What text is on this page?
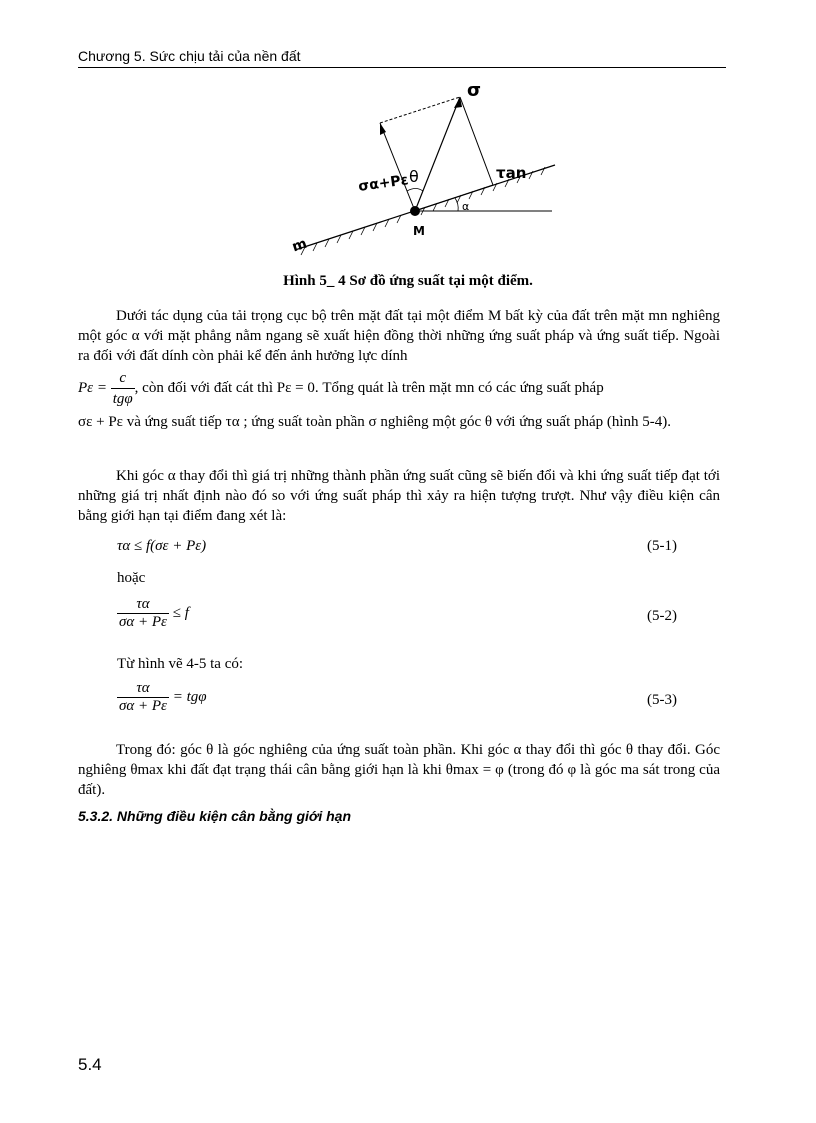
Chương 5. Sức chịu tải của nền đất
σ
σα+Pε θ	τan
α
M
m
Hình 5_ 4 Sơ đồ ứng suất tại một điểm.
Dưới tác dụng của tải trọng cục bộ trên mặt đất tại một điểm M bất kỳ của đất trên mặt mn nghiêng một góc α với mặt phẳng nằm ngang sẽ xuất hiện đồng thời những ứng suất pháp và ứng suất tiếp. Ngoài ra đối với đất dính còn phải kể đến ảnh hưởng lực dính
$P\varepsilon = \frac{c}{\text{tgφ}}$ , còn đối với đất cát thì Pε = 0. Tổng quát là trên mặt mn có các ứng suất pháp
σε + Pε và ứng suất tiếp τα ; ứng suất toàn phần σ nghiêng một góc θ với ứng suất pháp (hình 5-4).
Khi góc α thay đổi thì giá trị những thành phần ứng suất cũng sẽ biến đổi và khi ứng suất tiếp đạt tới những giá trị nhất định nào đó so với ứng suất pháp thì xảy ra hiện tượng trượt. Như vậy điều kiện cân bằng giới hạn tại điểm đang xét là:
τα ≤ f(σε + Pε)	(5-1)
hoặc
$\frac{\tau\alpha}{\sigma\alpha + P\varepsilon} \le f$	(5-2)
Từ hình vẽ 4-5 ta có:
$\frac{\tau\alpha}{\sigma\alpha + P\varepsilon} = tg\varphi$	(5-3)
Trong đó: góc θ là góc nghiêng của ứng suất toàn phần. Khi góc α thay đổi thì góc θ thay đổi. Góc nghiêng θmax khi đất đạt trạng thái cân bằng giới hạn là khi θmax = φ (trong đó φ là góc ma sát trong của đất).
5.3.2. Những điều kiện cân bằng giới hạn
5.4
